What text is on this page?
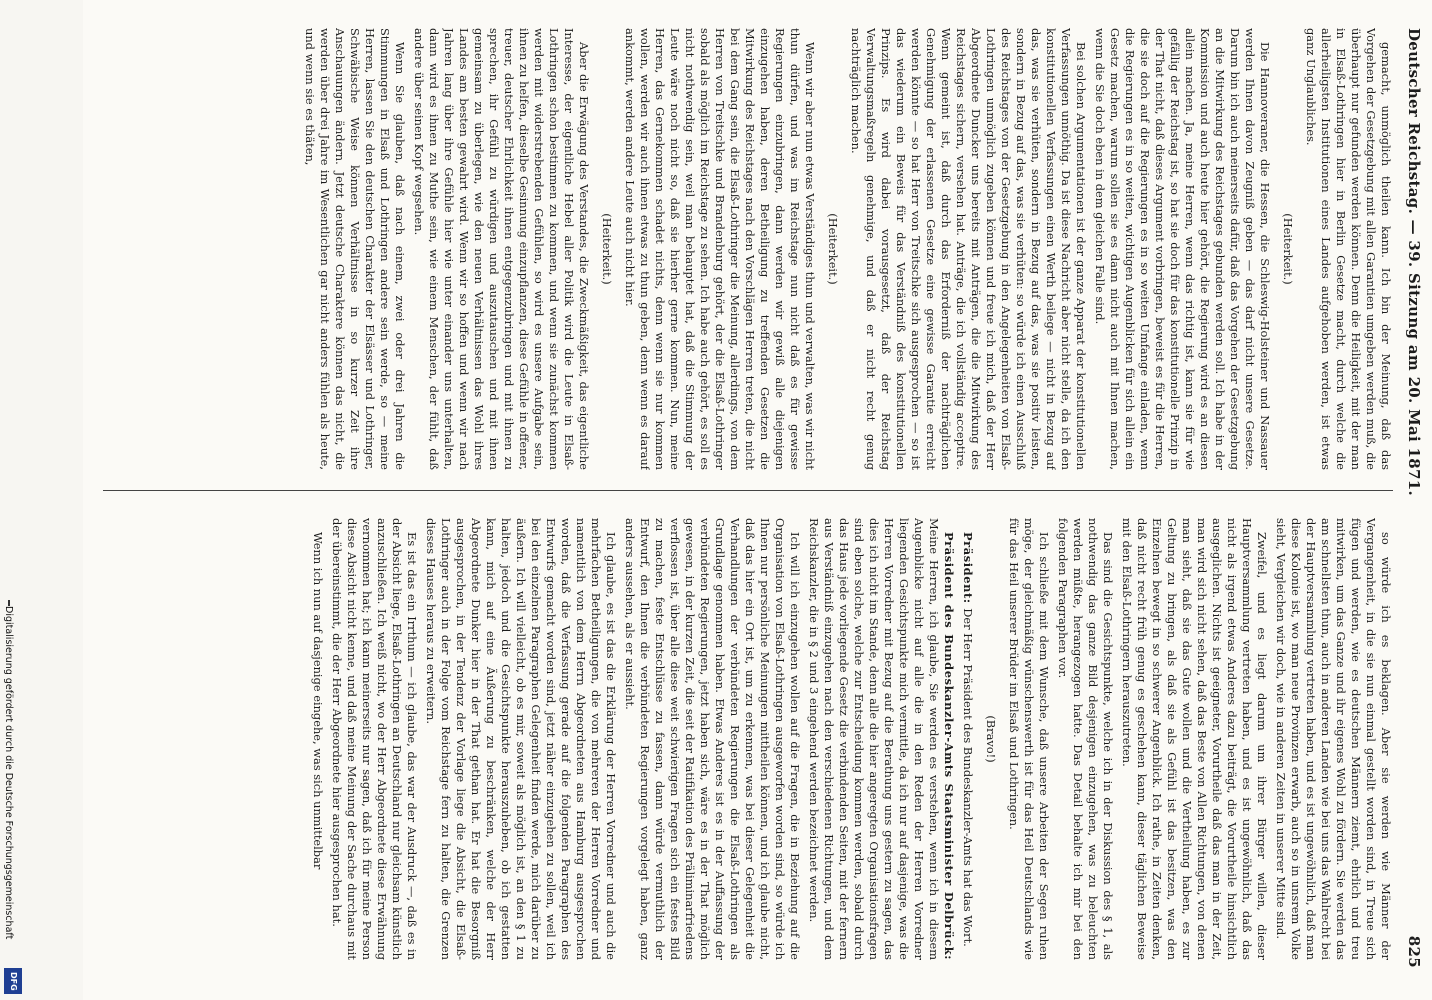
Digitalisierung gefördert durch die Deutsche Forschungsgemeinschaft
DFG
Deutscher Reichstag. — 39. Sitzung am 20. Mai 1871.
825

gemacht, unmöglich theilen kann. Ich bin der Meinung, daß das Vorgehen der Gesetzgebung mit allen Garantien umgeben werden muß, die überhaupt nur gefunden werden können. Denn die Heiligkeit, mit der man in Elsaß-Lothringen hier in Berlin Gesetze macht, durch welche die allerheiligsten Institutionen eines Landes aufgehoben werden, ist etwas ganz Unglaubliches.

(Heiterkeit.)

Die Hannoveraner, die Hessen, die Schleswig-Holsteiner und Nassauer werden Ihnen davon Zeugniß geben — das darf nicht unsere Gesetze. Darum bin ich auch meinerseits dafür, daß das Vorgehen der Gesetzgebung an die Mitwirkung des Reichstages gebunden werden soll. Ich habe in der Kommission und auch heute hier gehört, die Regierung wird es an diesen allein machen. Ja, meine Herren, wenn das richtig ist, kann sie für wie gefällig der Reichstag ist, so hat sie doch für das konstitutionelle Prinzip in der That nicht, daß dieses Argument vorbringen, beweist es für die Herren, die sie doch auf die Regierungen es in so weiten Umfange einladen, wenn die Regierungen es in so weiten, wichtigen Augenblicken für sich allein ein Gesetz machen, warum sollen sie es dann nicht auch mit Ihnen machen, wenn die Sie doch eben in dem gleichen Falle sind.

Bei solchen Argumentationen ist der ganze Apparat der konstitutionellen Verfassungen unnöthig. Da ist diese Nachricht aber nicht stelle, da ich den konstitutionellen Verfassungen einen Werth beilege — nicht in Bezug auf das, was sie verhüten, sondern in Bezug auf das, was sie positiv leisten, sondern in Bezug auf das, was sie verhüten: so würde ich einen Ausschluß des Reichstages von der Gesetzgebung in den Angelegenheiten von Elsaß-Lothringen unmöglich zugeben können und freue ich mich, daß der Herr Abgeordnete Duncker uns bereits mit Anträgen, die die Mitwirkung des Reichstages sichern, versehen hat. Anträge, die ich vollständig acceptire. Wenn gemeint ist, daß durch das Erforderniß der nachträglichen Genehmigung der erlassenen Gesetze eine gewisse Garantie erreicht werden könnte — so hat Herr von Treitschke sich ausgesprochen — so ist das wiederum ein Beweis für das Verständniß des konstitutionellen Prinzips. Es wird dabei vorausgesetzt, daß der Reichstag Verwaltungsmaßregeln genehmige, und daß er nicht recht genug nachträglich machen.

(Heiterkeit.)

Wenn wir aber nun etwas Verständiges thun und verwalten, was wir nicht thun dürfen, und was im Reichstage nun nicht daß es für gewisse Regierungen einzubringen, dann werden wir gewiß alle diejenigen einzugehen haben, deren Betheiligung zu treffenden Gesetzen die Mitwirkung des Reichstages nach den Vorschlägen Herren treten, die nicht bei dem Gang sein, die Elsaß-Lothringer die Meinung, allerdings, von dem Herren von Treitschke und Brandenburg gehört, der die Elsaß-Lothringer sobald als möglich im Reichstage zu sehen. Ich habe auch gehört, es soll es nicht nothwendig sein, weil man behauptet hat, daß die Stimmung der Leute wäre noch nicht so, daß sie hierher gerne kommen. Nun, meine Herren, das Gernekommen schadet nichts, denn wenn sie nur kommen wollen, werden wir auch ihnen etwas zu thun geben, denn wenn es darauf ankommt, werden andere Leute auch nicht hier.

(Heiterkeit.)

Aber die Erwägung des Verstandes, die Zweckmäßigkeit, das eigentliche Interesse, der eigentliche Hebel aller Politik wird die Leute in Elsaß-Lothringen schon bestimmen zu kommen, und wenn sie zunächst kommen werden mit widerstrebenden Gefühlen, so wird es unsere Aufgabe sein, ihnen zu helfen, dieselbe Gesinnung einzupflanzen, diese Gefühle in offener, treuer, deutscher Ehrlichkeit ihnen entgegenzubringen und mit ihnen zu sprechen, ihr Gefühl zu würdigen und auszutauschen und mit ihnen gemeinsam zu überlegen, wie den neuen Verhältnissen das Wohl ihres Landes am besten gewahrt wird. Wenn wir so hoffen und wenn wir nach Jahren lang über ihre Gefühle hier wie unter einander uns unterhalten, dann wird es ihnen zu Muthe sein, wie einem Menschen, der fühlt, daß andere über seinen Kopf wegsehen.

Wenn Sie glauben, daß nach einem, zwei oder drei Jahren die Stimmungen in Elsaß und Lothringen andere sein werde, so — meine Herren, lassen Sie den deutschen Charakter der Elsässer und Lothringer, Schwäbische Weise können Verhältnisse in so kurzer Zeit ihre Anschauungen ändern. Jetzt deutsche Charaktere können das nicht, die werden über drei Jahre im Wesentlichen gar nicht anders fühlen als heute, und wenn sie es thäten,

so würde ich es beklagen. Aber sie werden wie Männer der Vergangenheit, in die sie nun einmal gestellt worden sind, in Treue sich fügen und werden, wie es deutschen Männern ziemt, ehrlich und treu mitwirken, um das Ganze und ihr eigenes Wohl zu fördern. Sie werden das am schnellsten thun, auch in anderen Landen wie bei uns das Wahlrecht bei der Hauptversammlung vertreten haben, und es ist ungewöhnlich, daß man diese Kolonie ist, wo man neue Provinzen erwarb, auch so in unsrem Volke sieht, Vergleichen wir doch, wie in anderen Zeiten in unserer Mitte sind.

Zweifel, und es liegt darum um ihrer Bürger willen, dieser Hauptversammlung vertreten haben, und es ist ungewöhnlich, daß das nicht als irgend etwas Anderes dazu beiträgt, die Vorurtheile hinsichtlich ausgeglichen. Nichts ist geeigneter, Vorurtheile daß das man in der Zeit, man wird sich nicht sehen, daß das Beste von Allen Richtungen, von denen man sieht, daß sie das Gute wollen und die Vertheilung haben, es zur Geltung zu bringen, als daß sie als Gefühl ist das besitzen, was den Einzelnen bewegt in so schwerer Angenblick. Ich rathe, in Zeiten denken, daß nicht recht früh genug es geschehen kann, dieser täglichen Beweise mit den Elsaß-Lothringern herauszutreten.

Das sind die Gesichtspunkte, welche ich in der Diskussion des § 1, als nothwendig das ganze Bild desjenigen einzugehen, was zu beleuchten werden müßte, herangezogen hatte. Das Detail behalte ich mir bei den folgenden Paragraphen vor.

Ich schließe mit dem Wunsche, daß unsere Arbeiten der Segen ruhen möge, der gleichmäßig wünschenswerth ist für das Heil Deutschlands wie für das Heil unserer Brüder im Elsaß und Lothringen.

(Bravo!)

Präsident: Der Herr Präsident des Bundeskanzler-Amts hat das Wort.

Präsident des Bundeskanzler-Amts Staatsminister Delbrück: Meine Herren, ich glaube, Sie werden es verstehen, wenn ich in diesem Augenblicke nicht auf alle die in den Reden der Herren Vorredner liegenden Gesichtspunkte mich vermittle, da ich nur auf dasjenige, was die Herren Vorredner mit Bezug auf die Berathung uns gestern zu sagen, das dies ich nicht im Stande, denn alle die hier angeregten Organisationsfragen sind eben solche, welche zur Entscheidung kommen werden, sobald durch das Haus jede vorliegende Gesetz die verbindenden Seiten, mit der fernern aus Verständniß einzugehen nach den verschiedenen Richtungen, und dem Reichskanzler, die in § 2 und 3 eingehend werden bezeichnet werden.

Ich will ich einzugehen wollen auf die Fragen, die in Beziehung auf die Organisation von Elsaß-Lothringen ausgeworfen worden sind, so würde ich Ihnen nur persönliche Meinungen mittheilen können, und ich glaube nicht, daß das hier ein Ort ist, um zu erkennen, was bei dieser Gelegenheit die Verhandlungen der verbündeten Regierungen die Elsaß-Lothringen als Grundlage genommen haben. Etwas Anderes ist es in der Auffassung der verbündeten Regierungen, jetzt haben sich, wäre es in der That möglich gewesen, in der kurzen Zeit, die seit der Ratifikation des Präliminarfriedens verflossen ist, über alle diese weit schwierigen Fragen sich ein festes Bild zu machen, feste Entschlüsse zu fassen, dann würde vermuthlich der Entwurf, den Ihnen die verbündeten Regierungen vorgelegt haben, ganz anders aussehen, als er aussieht.

Ich glaube, es ist das die Erklärung der Herren Vorredner und auch die mehrfachen Betheiligungen, die von mehreren der Herren Vorredner und namentlich von dem Herrn Abgeordneten aus Hamburg ausgesprochen worden, daß die Verfassung gerade auf die folgenden Paragraphen des Entwurfs gemacht worden sind, jetzt näher einzugehen zu sollen, weil ich bei den einzelnen Paragraphen Gelegenheit finden werde, mich darüber zu äußern. Ich will vielleicht, ob es mir, soweit als möglich ist, an den § 1 zu halten, jedoch und die Gesichtspunkte herauszuheben, ob ich gestatten kann, mich auf eine Äußerung zu beschränken, welche der Herr Abgeordnete Dunker hier in der That gethan hat. Er hat die Besorgniß ausgesprochen, in der Tendenz der Vorlage liege die Absicht, die Elsaß-Lothringer auch in der Folge vom Reichstage fern zu halten, die Grenzen dieses Hauses heraus zu erweitern.

Es ist das ein Irrthum — ich glaube, das war der Ausdruck —, daß es in der Absicht liege, Elsaß-Lothringen an Deutschland nur gleichsam künstlich anzuschließen. Ich weiß nicht, wo der Herr Abgeordnete diese Erwähnung vernommen hat; ich kann meinerseits nur sagen, daß ich für meine Person diese Absicht nicht kenne, und daß meine Meinung der Sache durchaus mit der übereinstimmt, die der Herr Abgeordnete hier ausgesprochen hat.

Wenn ich nun auf dasjenige eingehe, was sich unmittelbar
